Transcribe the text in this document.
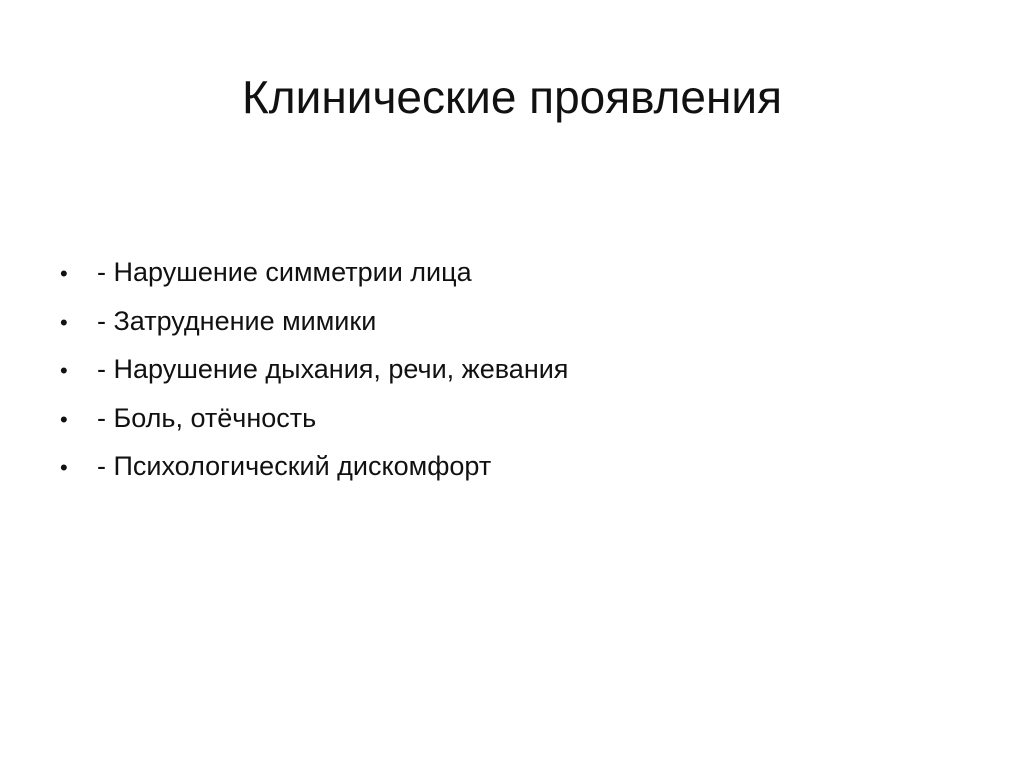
Клинические проявления
•	- Нарушение симметрии лица
•	- Затруднение мимики
•	- Нарушение дыхания, речи, жевания
•	- Боль, отёчность
•	- Психологический дискомфорт
